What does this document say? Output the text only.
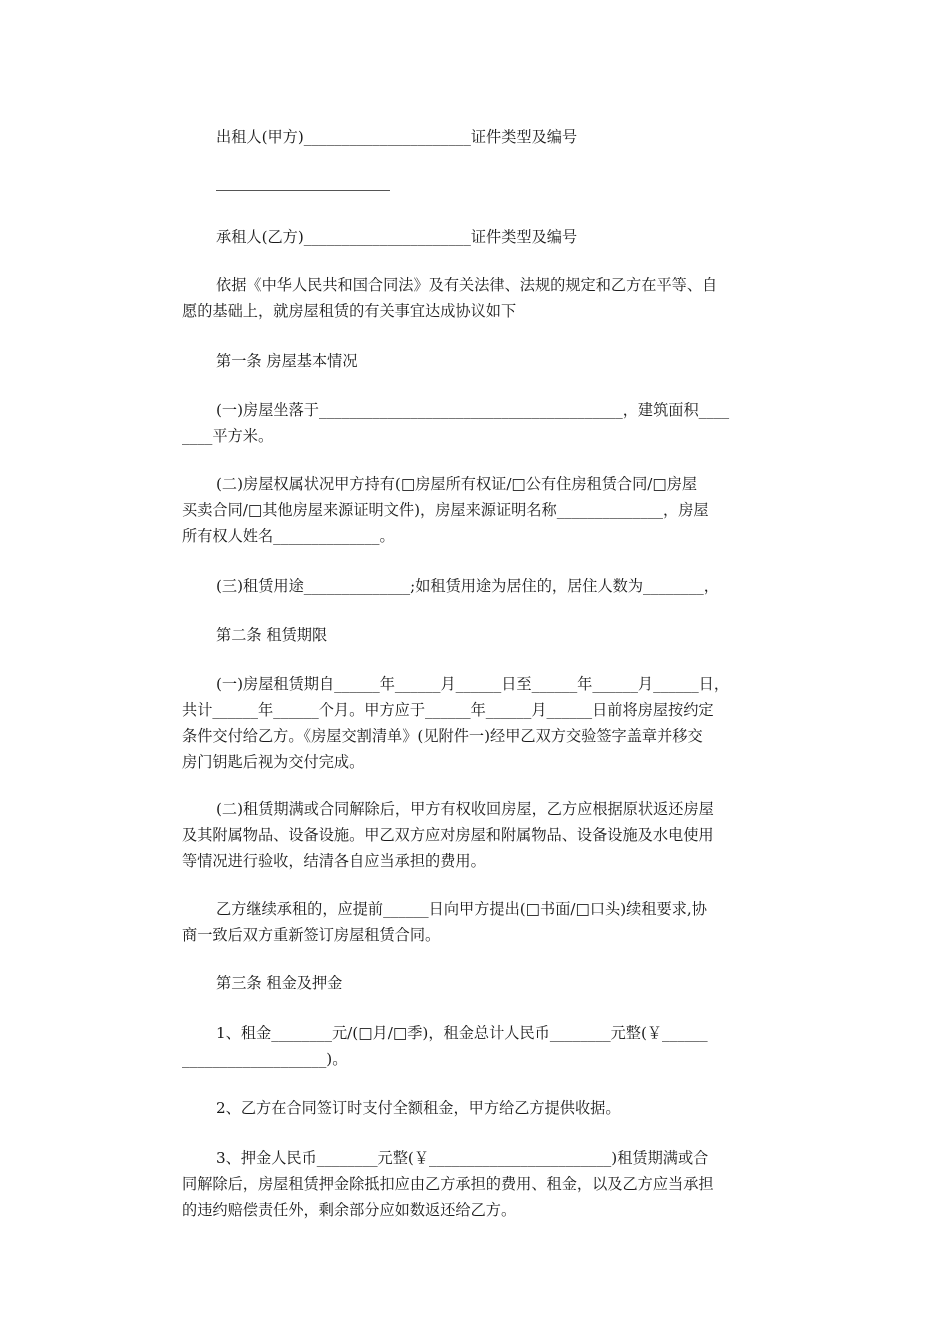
出租人(甲方)______________________证件类型及编号

承租人(乙方)______________________证件类型及编号

依据《中华人民共和国合同法》及有关法律、法规的规定和乙方在平等、自
愿的基础上，就房屋租赁的有关事宜达成协议如下

第一条 房屋基本情况

(一)房屋坐落于________________________________________，建筑面积____
____平方米。

(二)房屋权属状况甲方持有(□房屋所有权证/□公有住房租赁合同/□房屋
买卖合同/□其他房屋来源证明文件)，房屋来源证明名称______________，房屋
所有权人姓名______________。

(三)租赁用途______________;如租赁用途为居住的，居住人数为________，

第二条 租赁期限

(一)房屋租赁期自______年______月______日至______年______月______日，
共计______年______个月。甲方应于______年______月______日前将房屋按约定
条件交付给乙方。《房屋交割清单》(见附件一)经甲乙双方交验签字盖章并移交
房门钥匙后视为交付完成。

(二)租赁期满或合同解除后，甲方有权收回房屋，乙方应根据原状返还房屋
及其附属物品、设备设施。甲乙双方应对房屋和附属物品、设备设施及水电使用
等情况进行验收，结清各自应当承担的费用。

乙方继续承租的，应提前______日向甲方提出(□书面/□口头)续租要求,协
商一致后双方重新签订房屋租赁合同。

第三条 租金及押金

1、租金________元/(□月/□季)，租金总计人民币________元整(￥______
___________________)。

2、乙方在合同签订时支付全额租金，甲方给乙方提供收据。

3、押金人民币________元整(￥________________________)租赁期满或合
同解除后，房屋租赁押金除抵扣应由乙方承担的费用、租金，以及乙方应当承担
的违约赔偿责任外，剩余部分应如数返还给乙方。
